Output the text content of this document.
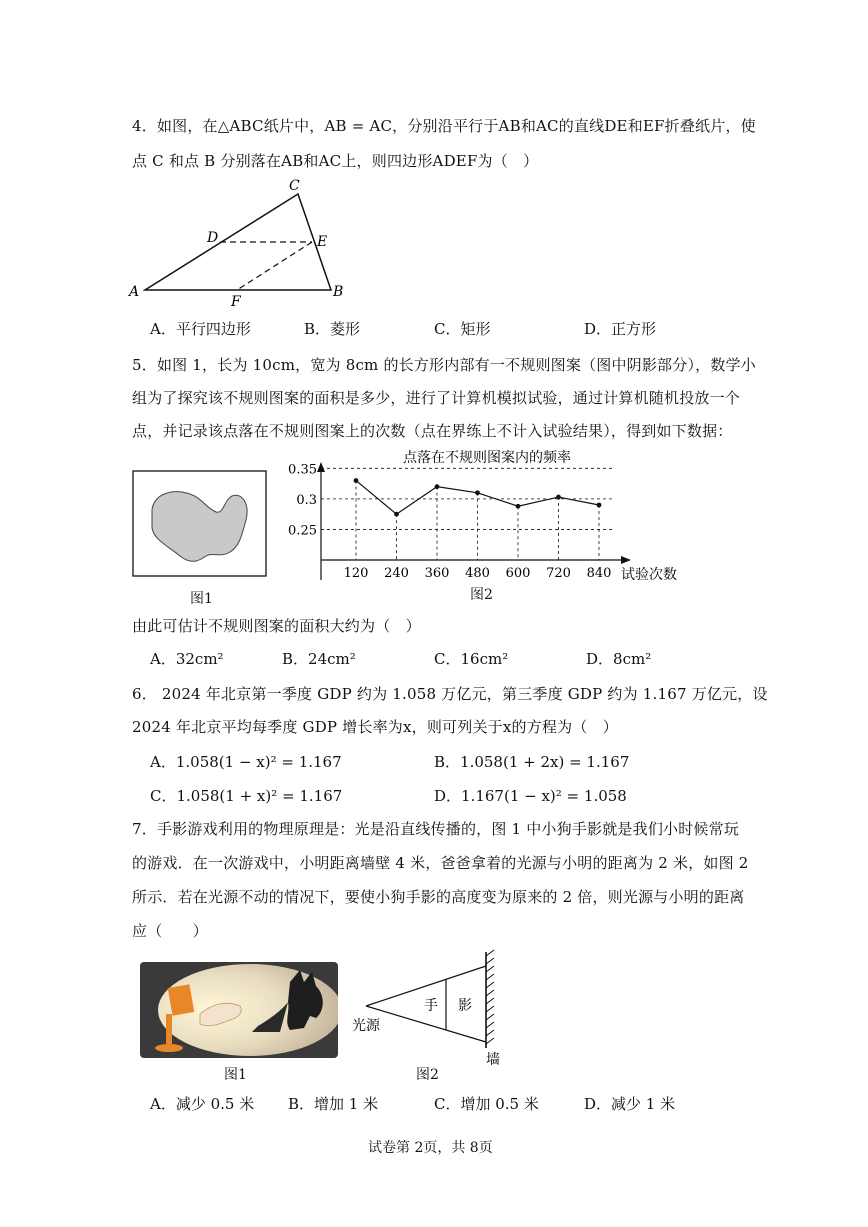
4．如图，在△ABC纸片中，AB = AC，分别沿平行于AB和AC的直线DE和EF折叠纸片，使
点 C 和点 B 分别落在AB和AC上，则四边形ADEF为（　）
A	B
C
D	E
F
A．平行四边形	B．菱形	C．矩形	D．正方形
5．如图 1，长为 10cm，宽为 8cm 的长方形内部有一不规则图案（图中阴影部分），数学小
组为了探究该不规则图案的面积是多少，进行了计算机模拟试验，通过计算机随机投放一个
点，并记录该点落在不规则图案上的次数（点在界练上不计入试验结果），得到如下数据：
图1
点落在不规则图案内的频率
0.25
0.3
0.35
120 240 360 480 600 720 840 试验次数
图2
由此可估计不规则图案的面积大约为（　）
A．32cm²	B．24cm²	C．16cm²	D．8cm²
6． 2024 年北京第一季度 GDP 约为 1.058 万亿元，第三季度 GDP 约为 1.167 万亿元，设
2024 年北京平均每季度 GDP 增长率为x，则可列关于x的方程为（　）
A．1.058(1 − x)² = 1.167	B．1.058(1 + 2x) = 1.167
C．1.058(1 + x)² = 1.167	D．1.167(1 − x)² = 1.058
7．手影游戏利用的物理原理是：光是沿直线传播的，图 1 中小狗手影就是我们小时候常玩
的游戏．在一次游戏中，小明距离墙壁 4 米，爸爸拿着的光源与小明的距离为 2 米，如图 2
所示．若在光源不动的情况下，要使小狗手影的高度变为原来的 2 倍，则光源与小明的距离
应（　　）
图1
光源
手 影
墙
图2
A．减少 0.5 米 B．增加 1 米	C．增加 0.5 米	D．减少 1 米
试卷第 2页，共 8页
